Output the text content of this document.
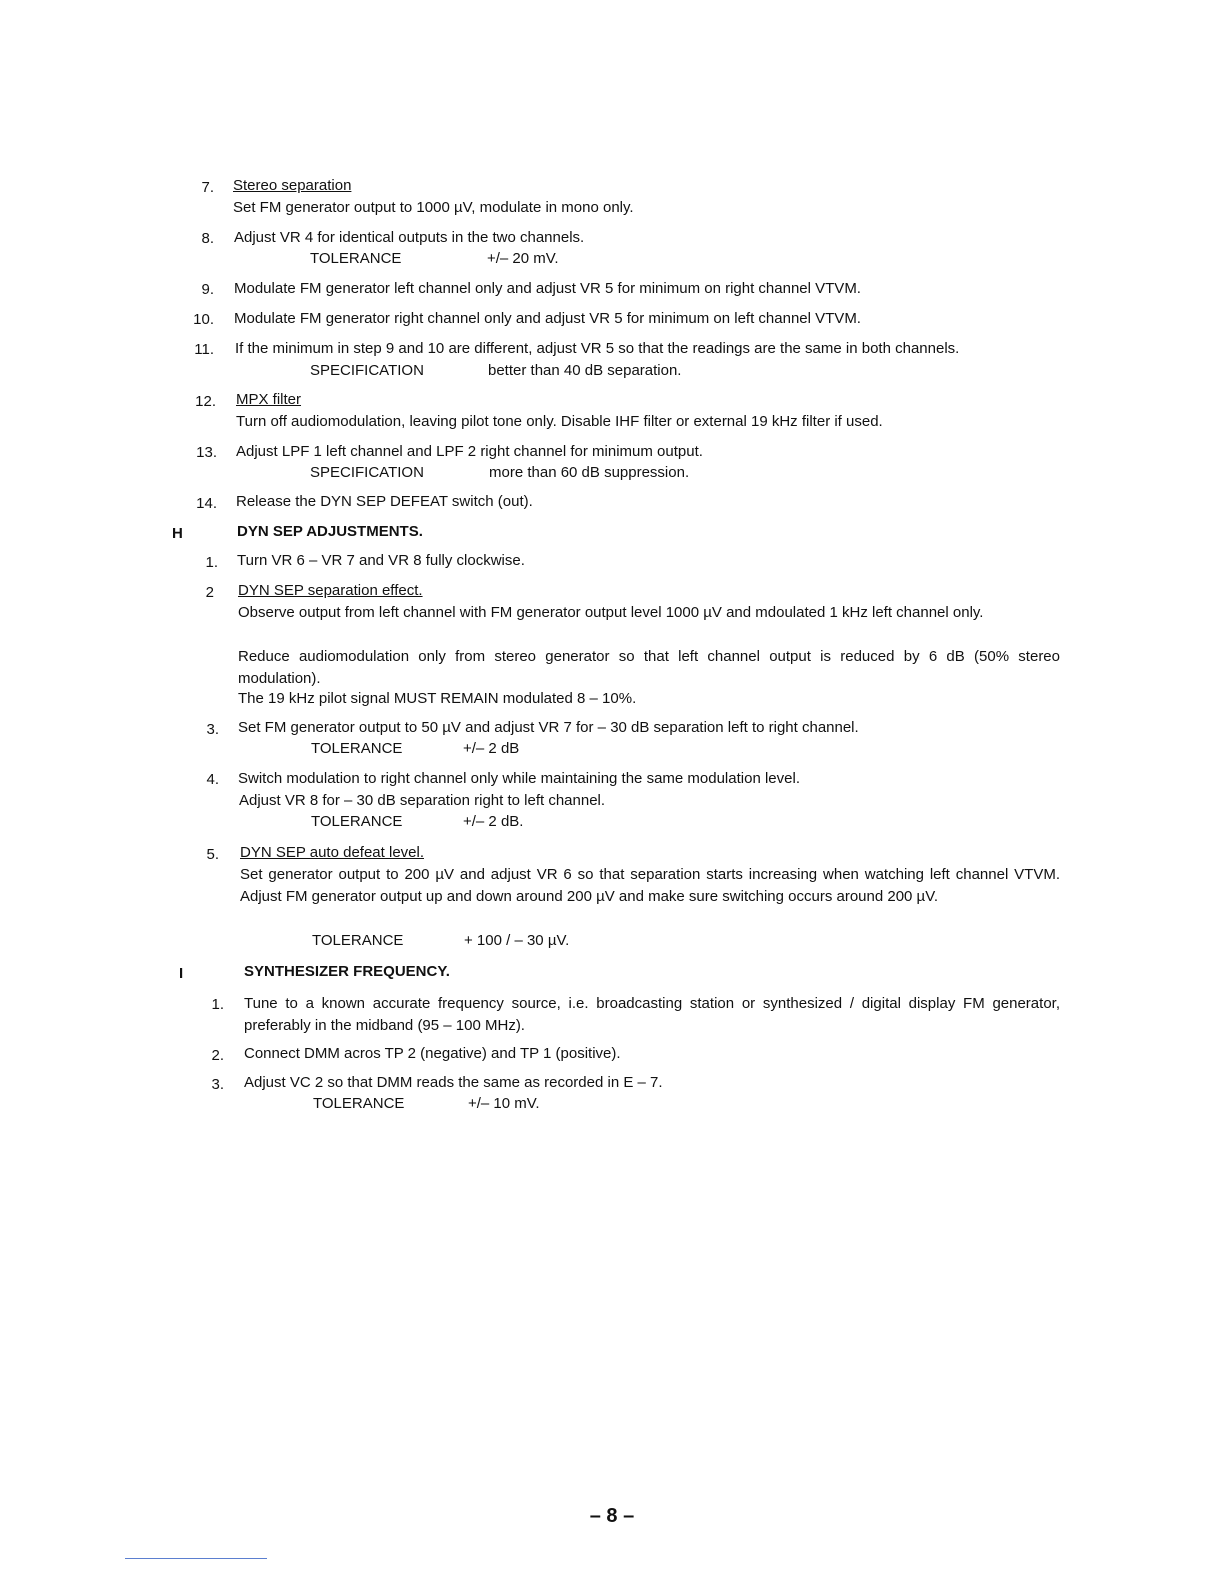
7. Stereo separation
Set FM generator output to 1000 µV, modulate in mono only.
8. Adjust VR 4 for identical outputs in the two channels.
TOLERANCE	+/– 20 mV.
9. Modulate FM generator left channel only and adjust VR 5 for minimum on right channel VTVM.
10. Modulate FM generator right channel only and adjust VR 5 for minimum on left channel VTVM.
11. If the minimum in step 9 and 10 are different, adjust VR 5 so that the readings are the same in both channels.
SPECIFICATION	better than 40 dB separation.
12. MPX filter
Turn off audiomodulation, leaving pilot tone only. Disable IHF filter or external 19 kHz filter if used.
13. Adjust LPF 1 left channel and LPF 2 right channel for minimum output.
SPECIFICATION	more than 60 dB suppression.
14. Release the DYN SEP DEFEAT switch (out).
H	DYN SEP ADJUSTMENTS.
1. Turn VR 6 – VR 7 and VR 8 fully clockwise.
2 DYN SEP separation effect.
Observe output from left channel with FM generator output level 1000 µV and mdoulated 1 kHz left channel only.
Reduce audiomodulation only from stereo generator so that left channel output is reduced by 6 dB (50% stereo modulation).
The 19 kHz pilot signal MUST REMAIN modulated 8 – 10%.
3. Set FM generator output to 50 µV and adjust VR 7 for – 30 dB separation left to right channel.
TOLERANCE	+/– 2 dB
4. Switch modulation to right channel only while maintaining the same modulation level.
Adjust VR 8 for – 30 dB separation right to left channel.
TOLERANCE	+/– 2 dB.
5. DYN SEP auto defeat level.
Set generator output to 200 µV and adjust VR 6 so that separation starts increasing when watching left channel VTVM. Adjust FM generator output up and down around 200 µV and make sure switching occurs around 200 µV.
TOLERANCE	+ 100 / – 30 µV.
I	SYNTHESIZER FREQUENCY.
1. Tune to a known accurate frequency source, i.e. broadcasting station or synthesized / digital display FM generator, preferably in the midband (95 – 100 MHz).
2. Connect DMM acros TP 2 (negative) and TP 1 (positive).
3. Adjust VC 2 so that DMM reads the same as recorded in E – 7.
TOLERANCE	+/– 10 mV.
– 8 –
